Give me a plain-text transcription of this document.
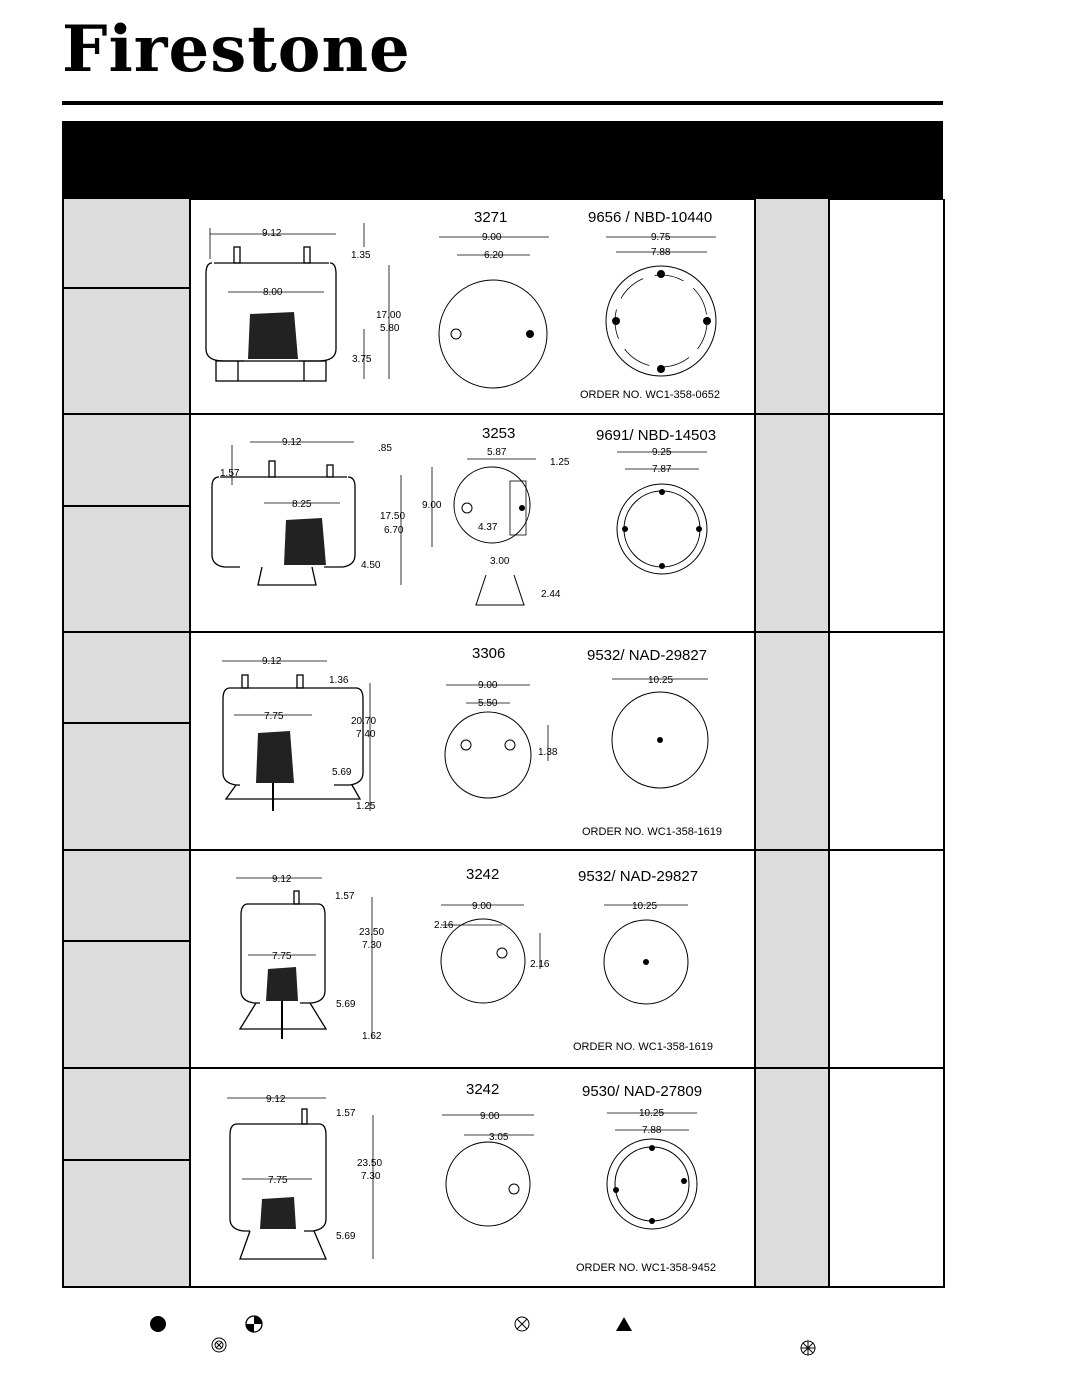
Firestone
3271	9656 / NBD-10440
ORDER NO. WC1-358-0652
9.12
1.35
8.00
17.00
5.80
3.75
9.00
6.20
9.75
7.88
3253	9691/ NBD-14503
9.12
.85
1.57
8.25
17.50
6.70
4.50
5.87
1.25
9.00
4.37
3.00
2.44
9.25
7.87
3306	9532/ NAD-29827
ORDER NO. WC1-358-1619
9.12
1.36
7.75	20.70
7.40
5.69
1.25
9.00
5.50
1.38
10.25
3242	9532/ NAD-29827
ORDER NO. WC1-358-1619
9.12
1.57
7.75
23.50
7.30
5.69
1.62
9.00
2.16
2.16
10.25
3242	9530/ NAD-27809
ORDER NO. WC1-358-9452
9.12
1.57
7.75
23.50
7.30
5.69
9.00
3.05
10.25
7.88
